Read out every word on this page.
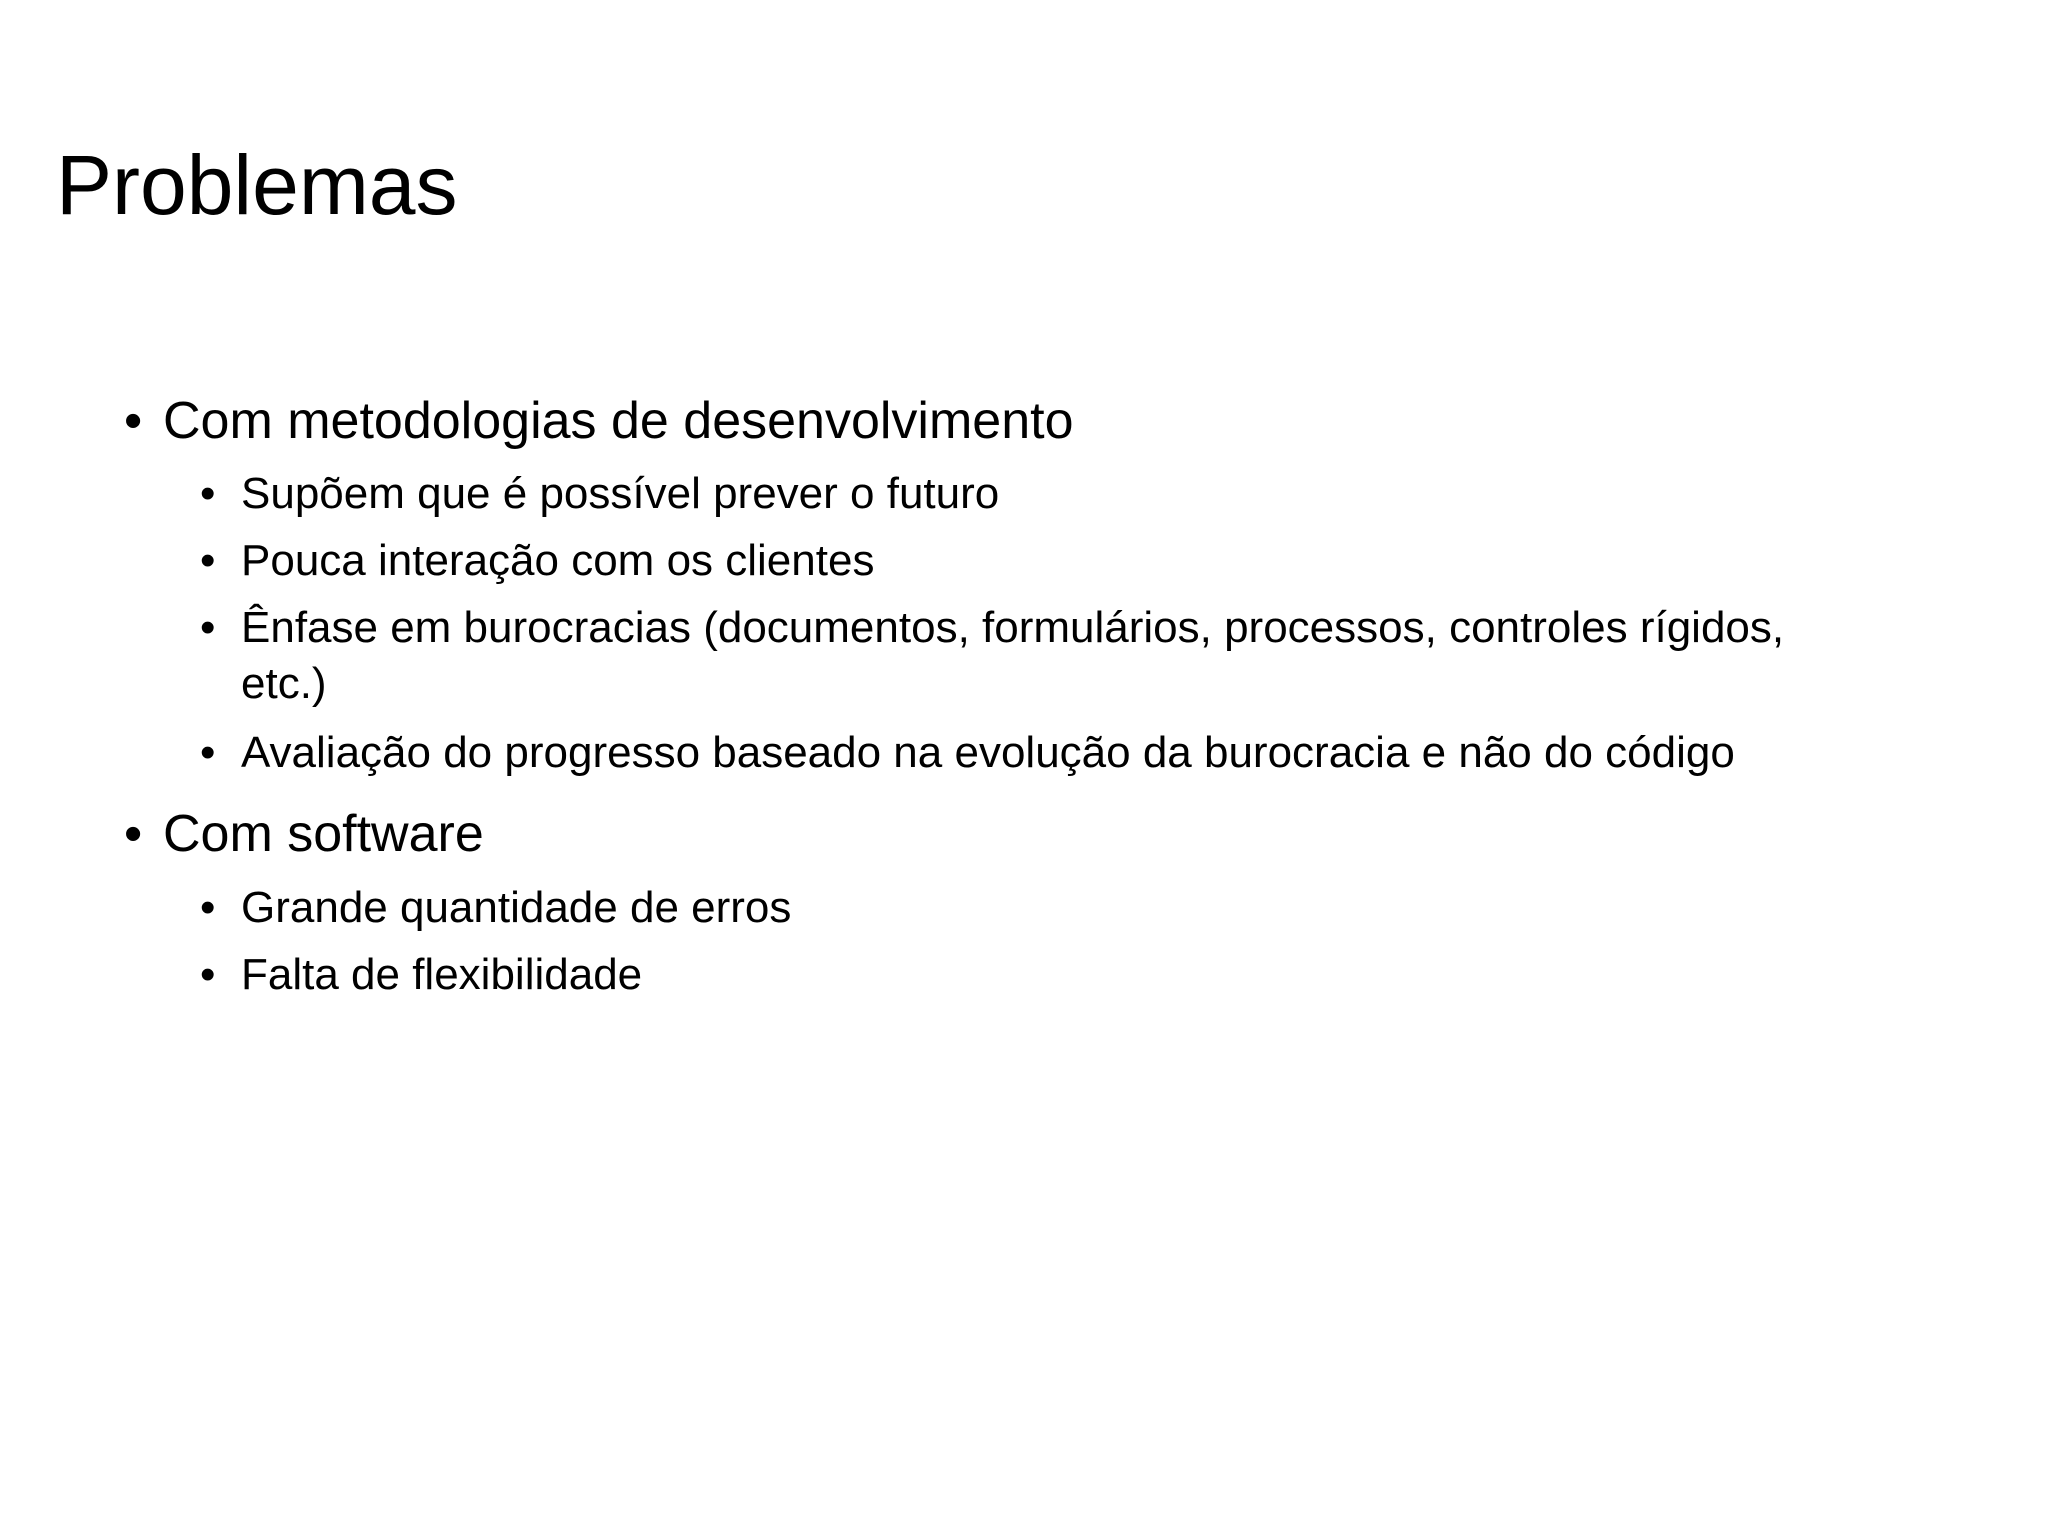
Problemas
• Com metodologias de desenvolvimento
• Supõem que é possível prever o futuro
• Pouca interação com os clientes
• Ênfase em burocracias (documentos, formulários, processos, controles rígidos, etc.)
• Avaliação do progresso baseado na evolução da burocracia e não do código
• Com software
• Grande quantidade de erros
• Falta de flexibilidade
